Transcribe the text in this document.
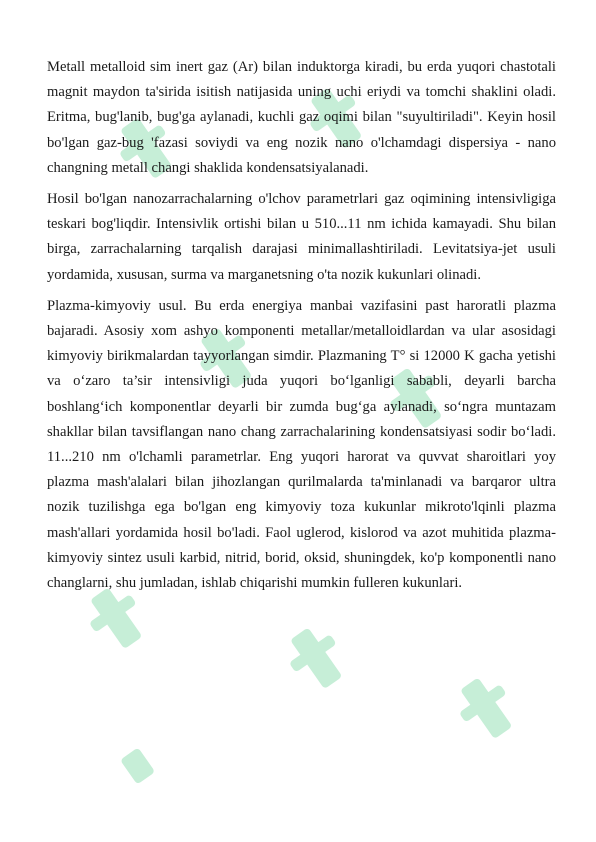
Metall metalloid sim inert gaz (Ar) bilan induktorga kiradi, bu erda yuqori chastotali magnit maydon ta'sirida isitish natijasida uning uchi eriydi va tomchi shaklini oladi. Eritma, bug'lanib, bug'ga aylanadi, kuchli gaz oqimi bilan "suyultiriladi". Keyin hosil bo'lgan gaz-bug 'fazasi soviydi va eng nozik nano o'lchamdagi dispersiya - nano changning metall changi shaklida kondensatsiyalanadi.

Hosil bo'lgan nanozarrachalarning o'lchov parametrlari gaz oqimining intensivligiga teskari bog'liqdir. Intensivlik ortishi bilan u 510...11 nm ichida kamayadi. Shu bilan birga, zarrachalarning tarqalish darajasi minimallashtiriladi. Levitatsiya-jet usuli yordamida, xususan, surma va marganetsning o'ta nozik kukunlari olinadi.

Plazma-kimyoviy usul. Bu erda energiya manbai vazifasini past haroratli plazma bajaradi. Asosiy xom ashyo komponenti metallar/metalloidlardan va ular asosidagi kimyoviy birikmalardan tayyorlangan simdir. Plazmaning T° si 12000 K gacha yetishi va o‘zaro ta’sir intensivligi juda yuqori bo‘lganligi sababli, deyarli barcha boshlang‘ich komponentlar deyarli bir zumda bug‘ga aylanadi, so‘ngra muntazam shakllar bilan tavsiflangan nano chang zarrachalarining kondensatsiyasi sodir bo‘ladi. 11...210 nm o'lchamli parametrlar. Eng yuqori harorat va quvvat sharoitlari yoy plazma mash'alalari bilan jihozlangan qurilmalarda ta'minlanadi va barqaror ultra nozik tuzilishga ega bo'lgan eng kimyoviy toza kukunlar mikroto'lqinli plazma mash'allari yordamida hosil bo'ladi. Faol uglerod, kislorod va azot muhitida plazma-kimyoviy sintez usuli karbid, nitrid, borid, oksid, shuningdek, ko'p komponentli nano changlarni, shu jumladan, ishlab chiqarishi mumkin fulleren kukunlari.
